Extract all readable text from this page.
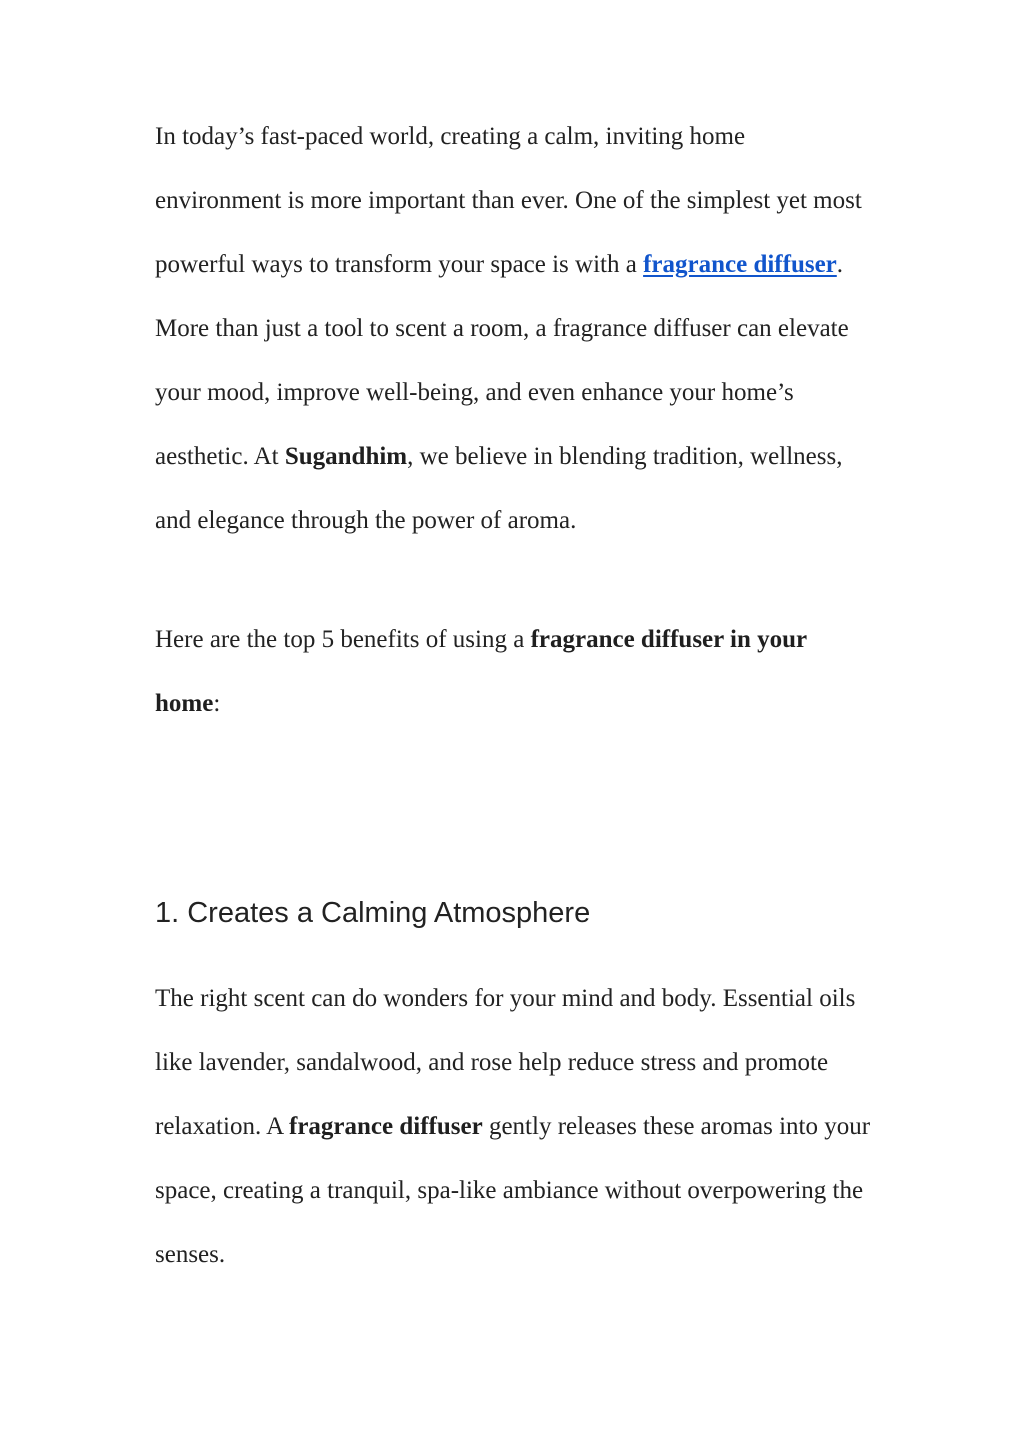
In today’s fast-paced world, creating a calm, inviting home environment is more important than ever. One of the simplest yet most powerful ways to transform your space is with a fragrance diffuser. More than just a tool to scent a room, a fragrance diffuser can elevate your mood, improve well-being, and even enhance your home’s aesthetic. At Sugandhim, we believe in blending tradition, wellness, and elegance through the power of aroma.

Here are the top 5 benefits of using a fragrance diffuser in your home:

1. Creates a Calming Atmosphere

The right scent can do wonders for your mind and body. Essential oils like lavender, sandalwood, and rose help reduce stress and promote relaxation. A fragrance diffuser gently releases these aromas into your space, creating a tranquil, spa-like ambiance without overpowering the senses.
